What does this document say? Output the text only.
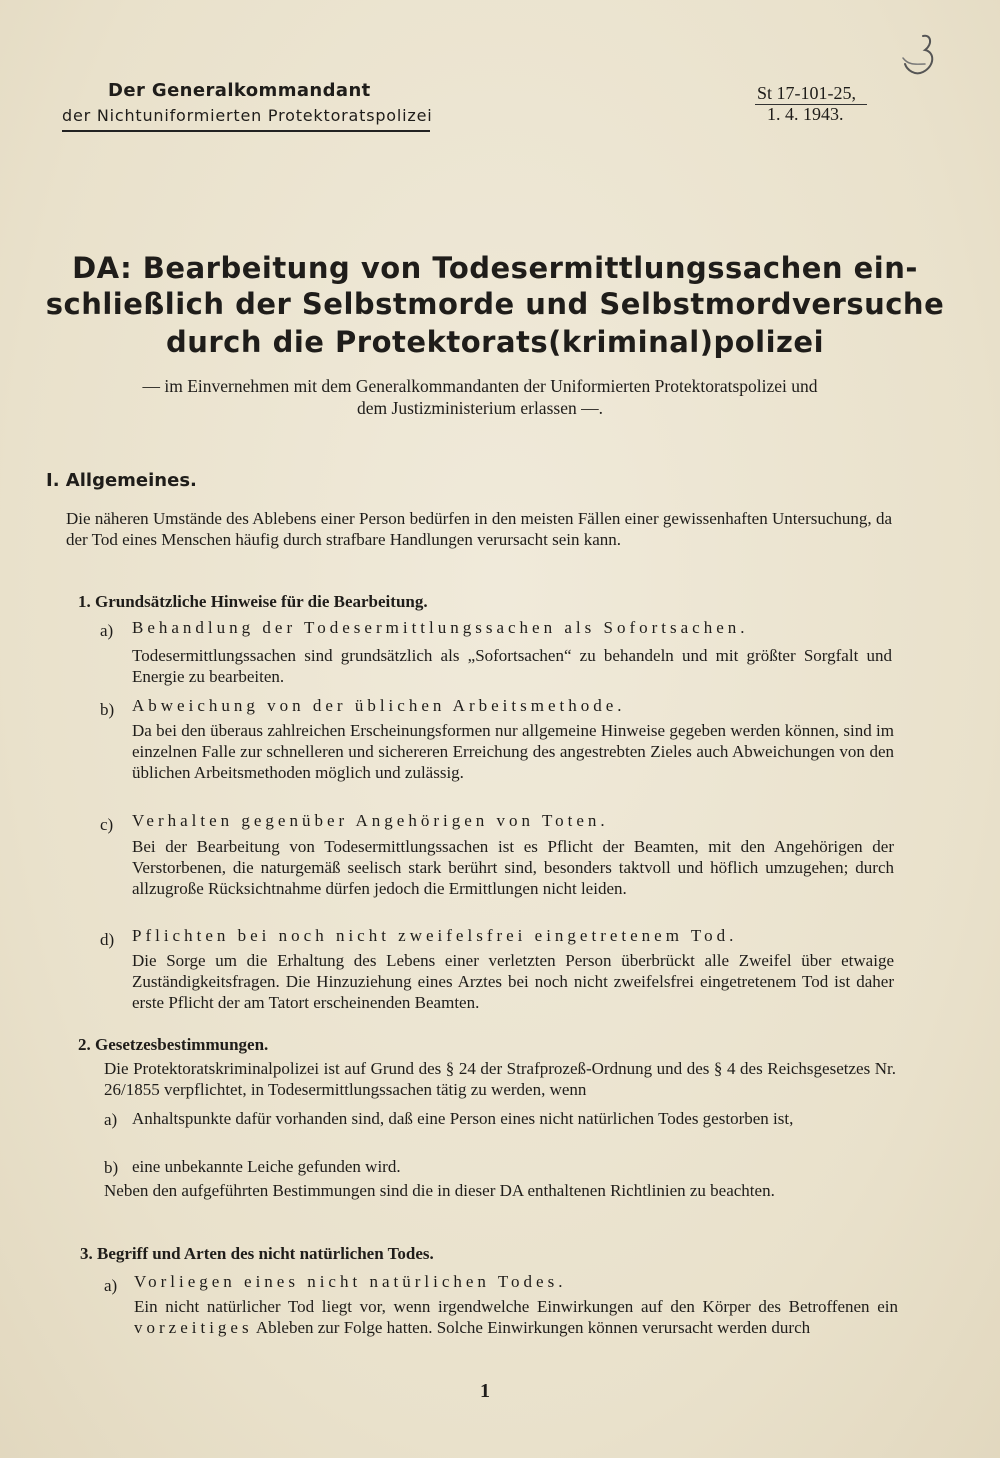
Der Generalkommandant
der Nichtuniformierten Protektoratspolizei
St 17-101-25,
1. 4. 1943.
DA: Bearbeitung von Todesermittlungssachen ein-
schließlich der Selbstmorde und Selbstmordversuche
durch die Protektorats(kriminal)polizei
— im Einvernehmen mit dem Generalkommandanten der Uniformierten Protektoratspolizei und
dem Justizministerium erlassen —.
I. Allgemeines.
Die näheren Umstände des Ablebens einer Person bedürfen in den meisten Fällen einer gewissenhaften Untersuchung, da der Tod eines Menschen häufig durch strafbare Handlungen verursacht sein kann.
1. Grundsätzliche Hinweise für die Bearbeitung.
a) Behandlung der Todesermittlungssachen als Sofortsachen.
Todesermittlungssachen sind grundsätzlich als „Sofortsachen“ zu behandeln und mit größter Sorgfalt und Energie zu bearbeiten.
b) Abweichung von der üblichen Arbeitsmethode.
Da bei den überaus zahlreichen Erscheinungsformen nur allgemeine Hinweise gegeben werden können, sind im einzelnen Falle zur schnelleren und sichereren Erreichung des angestrebten Zieles auch Abweichungen von den üblichen Arbeitsmethoden möglich und zulässig.
c) Verhalten gegenüber Angehörigen von Toten.
Bei der Bearbeitung von Todesermittlungssachen ist es Pflicht der Beamten, mit den Angehörigen der Verstorbenen, die naturgemäß seelisch stark berührt sind, besonders taktvoll und höflich umzugehen; durch allzugroße Rücksichtnahme dürfen jedoch die Ermittlungen nicht leiden.
d) Pflichten bei noch nicht zweifelsfrei eingetretenem Tod.
Die Sorge um die Erhaltung des Lebens einer verletzten Person überbrückt alle Zweifel über etwaige Zuständigkeitsfragen. Die Hinzuziehung eines Arztes bei noch nicht zweifelsfrei eingetretenem Tod ist daher erste Pflicht der am Tatort erscheinenden Beamten.
2. Gesetzesbestimmungen.
Die Protektoratskriminalpolizei ist auf Grund des § 24 der Strafprozeß-Ordnung und des § 4 des Reichsgesetzes Nr. 26/1855 verpflichtet, in Todesermittlungssachen tätig zu werden, wenn
a) Anhaltspunkte dafür vorhanden sind, daß eine Person eines nicht natürlichen Todes gestorben ist,
b) eine unbekannte Leiche gefunden wird.
Neben den aufgeführten Bestimmungen sind die in dieser DA enthaltenen Richtlinien zu beachten.
3. Begriff und Arten des nicht natürlichen Todes.
a) Vorliegen eines nicht natürlichen Todes.
Ein nicht natürlicher Tod liegt vor, wenn irgendwelche Einwirkungen auf den Körper des Betroffenen ein vorzeitiges Ableben zur Folge hatten. Solche Einwirkungen können verursacht werden durch
1
